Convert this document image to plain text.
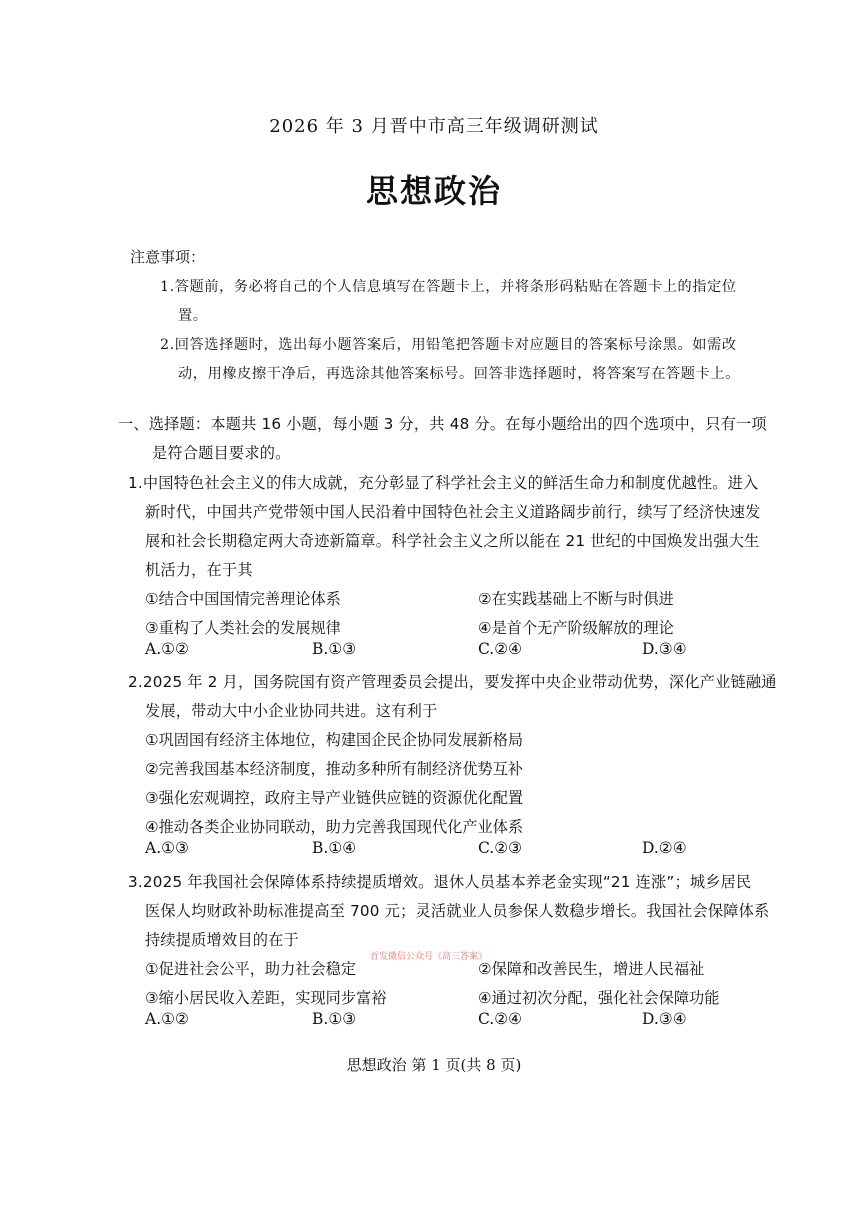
2026 年 3 月晋中市高三年级调研测试
思想政治
注意事项：
1.答题前，务必将自己的个人信息填写在答题卡上，并将条形码粘贴在答题卡上的指定位
置。
2.回答选择题时，选出每小题答案后，用铅笔把答题卡对应题目的答案标号涂黑。如需改
动，用橡皮擦干净后，再选涂其他答案标号。回答非选择题时，将答案写在答题卡上。
一、选择题：本题共 16 小题，每小题 3 分，共 48 分。在每小题给出的四个选项中，只有一项
是符合题目要求的。
1.中国特色社会主义的伟大成就，充分彰显了科学社会主义的鲜活生命力和制度优越性。进入
新时代，中国共产党带领中国人民沿着中国特色社会主义道路阔步前行，续写了经济快速发
展和社会长期稳定两大奇迹新篇章。科学社会主义之所以能在 21 世纪的中国焕发出强大生
机活力，在于其
①结合中国国情完善理论体系	②在实践基础上不断与时俱进
③重构了人类社会的发展规律	④是首个无产阶级解放的理论
A.①②	B.①③	C.②④	D.③④
2.2025 年 2 月，国务院国有资产管理委员会提出，要发挥中央企业带动优势，深化产业链融通
发展，带动大中小企业协同共进。这有利于
①巩固国有经济主体地位，构建国企民企协同发展新格局
②完善我国基本经济制度，推动多种所有制经济优势互补
③强化宏观调控，政府主导产业链供应链的资源优化配置
④推动各类企业协同联动，助力完善我国现代化产业体系
A.①③	B.①④	C.②③	D.②④
3.2025 年我国社会保障体系持续提质增效。退休人员基本养老金实现“21 连涨”；城乡居民
医保人均财政补助标准提高至 700 元；灵活就业人员参保人数稳步增长。我国社会保障体系
持续提质增效目的在于
①促进社会公平，助力社会稳定	②保障和改善民生，增进人民福祉
③缩小居民收入差距，实现同步富裕	④通过初次分配，强化社会保障功能
A.①②	B.①③	C.②④	D.③④
首发微信公众号《高三答案》
思想政治 第 1 页(共 8 页)
